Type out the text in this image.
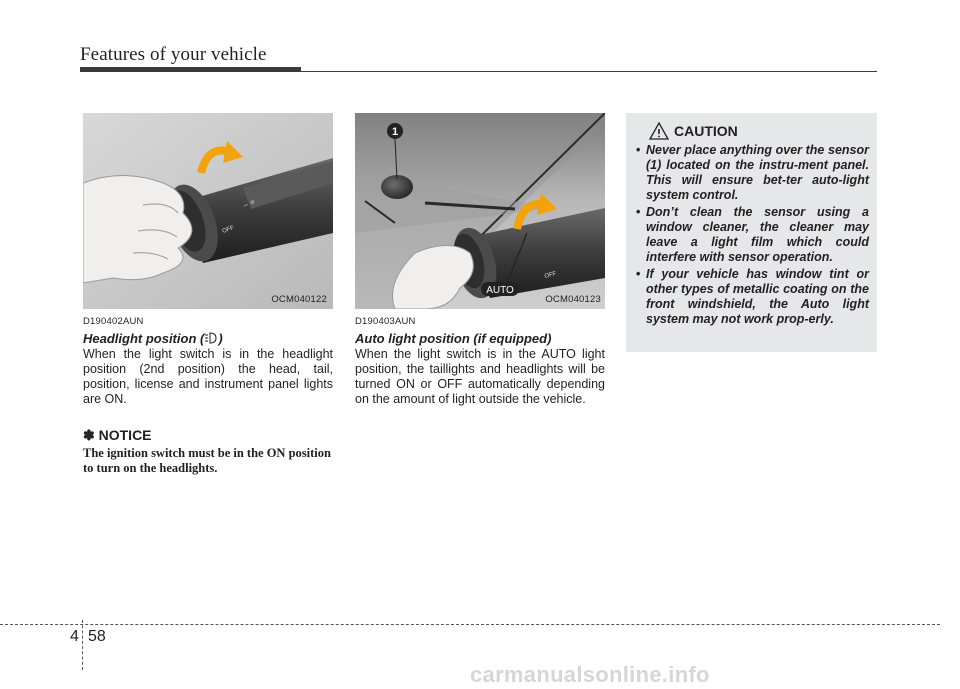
Features of your vehicle
OFF
⇔ ≡
OCM040122
D190402AUN
Headlight position ( )
When the light switch is in the headlight position (2nd position) the head, tail, position, license and instrument panel lights are ON.
✽ NOTICE
The ignition switch must be in the ON position to turn on the headlights.
1
AUTO
OFF
OCM040123
D190403AUN
Auto light position (if equipped)
When the light switch is in the AUTO light position, the taillights and headlights will be turned ON or OFF automatically depending on the amount of light outside the vehicle.
CAUTION
• Never place anything over the sensor (1) located on the instru-ment panel. This will ensure bet-ter auto-light system control.
• Don’t clean the sensor using a window cleaner, the cleaner may leave a light film which could interfere with sensor operation.
• If your vehicle has window tint or other types of metallic coating on the front windshield, the Auto light system may not work prop-erly.
4 58
carmanualsonline.info
